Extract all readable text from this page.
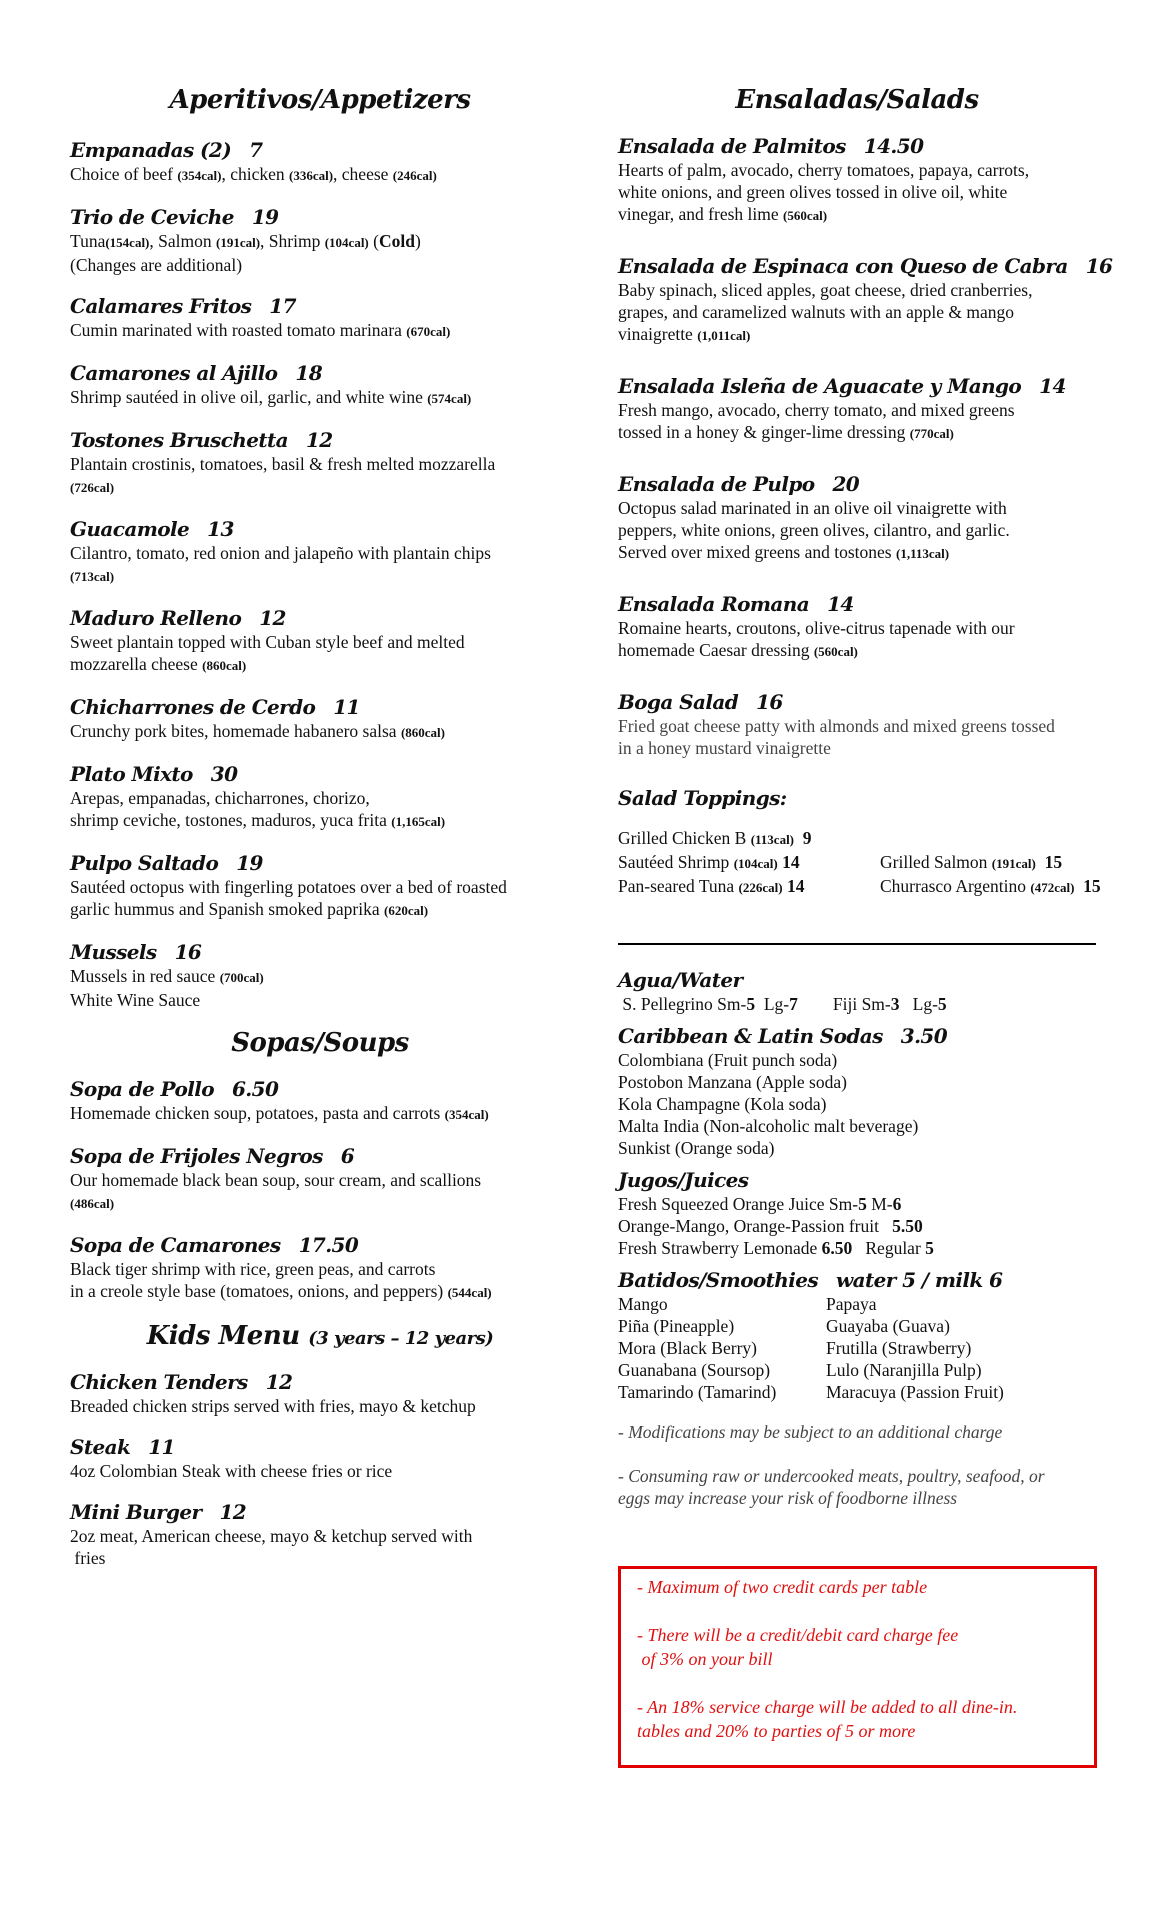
Aperitivos/Appetizers

Empanadas (2) 7

Choice of beef (354cal), chicken (336cal), cheese (246cal)

Trio de Ceviche 19

Tuna(154cal), Salmon (191cal), Shrimp (104cal) (Cold)

(Changes are additional)

Calamares Fritos 17

Cumin marinated with roasted tomato marinara (670cal)

Camarones al Ajillo 18

Shrimp sautéed in olive oil, garlic, and white wine (574cal)

Tostones Bruschetta 12

Plantain crostinis, tomatoes, basil & fresh melted mozzarella

(726cal)

Guacamole 13

Cilantro, tomato, red onion and jalapeño with plantain chips

(713cal)

Maduro Relleno 12

Sweet plantain topped with Cuban style beef and melted

mozzarella cheese (860cal)

Chicharrones de Cerdo 11

Crunchy pork bites, homemade habanero salsa (860cal)

Plato Mixto 30

Arepas, empanadas, chicharrones, chorizo,

shrimp ceviche, tostones, maduros, yuca frita (1,165cal)

Pulpo Saltado 19

Sautéed octopus with fingerling potatoes over a bed of roasted

garlic hummus and Spanish smoked paprika (620cal)

Mussels 16

Mussels in red sauce (700cal)

White Wine Sauce

Sopas/Soups

Sopa de Pollo 6.50

Homemade chicken soup, potatoes, pasta and carrots (354cal)

Sopa de Frijoles Negros 6

Our homemade black bean soup, sour cream, and scallions

(486cal)

Sopa de Camarones 17.50

Black tiger shrimp with rice, green peas, and carrots

in a creole style base (tomatoes, onions, and peppers) (544cal)

Kids Menu (3 years – 12 years)

Chicken Tenders 12

Breaded chicken strips served with fries, mayo & ketchup

Steak 11

4oz Colombian Steak with cheese fries or rice

Mini Burger 12

2oz meat, American cheese, mayo & ketchup served with

fries

Ensaladas/Salads

Ensalada de Palmitos 14.50

Hearts of palm, avocado, cherry tomatoes, papaya, carrots,

white onions, and green olives tossed in olive oil, white

vinegar, and fresh lime (560cal)

Ensalada de Espinaca con Queso de Cabra 16

Baby spinach, sliced apples, goat cheese, dried cranberries,

grapes, and caramelized walnuts with an apple & mango

vinaigrette (1,011cal)

Ensalada Isleña de Aguacate y Mango 14

Fresh mango, avocado, cherry tomato, and mixed greens

tossed in a honey & ginger-lime dressing (770cal)

Ensalada de Pulpo 20

Octopus salad marinated in an olive oil vinaigrette with

peppers, white onions, green olives, cilantro, and garlic.

Served over mixed greens and tostones (1,113cal)

Ensalada Romana 14

Romaine hearts, croutons, olive-citrus tapenade with our

homemade Caesar dressing (560cal)

Boga Salad 16

Fried goat cheese patty with almonds and mixed greens tossed

in a honey mustard vinaigrette

Salad Toppings:

Grilled Chicken B (113cal)  9
Sautéed Shrimp (104cal) 14	Grilled Salmon (191cal)  15
Pan-seared Tuna (226cal) 14	Churrasco Argentino (472cal)  15

Agua/Water

S. Pellegrino Sm-5  Lg-7        Fiji Sm-3   Lg-5

Caribbean & Latin Sodas 3.50

Colombiana (Fruit punch soda)

Postobon Manzana (Apple soda)

Kola Champagne (Kola soda)

Malta India (Non-alcoholic malt beverage)

Sunkist (Orange soda)

Jugos/Juices

Fresh Squeezed Orange Juice Sm-5 M-6

Orange-Mango, Orange-Passion fruit   5.50

Fresh Strawberry Lemonade 6.50   Regular 5

Batidos/Smoothies water 5 / milk 6

Mango	Papaya
Piña (Pineapple)	Guayaba (Guava)
Mora (Black Berry)	Frutilla (Strawberry)
Guanabana (Soursop)	Lulo (Naranjilla Pulp)
Tamarindo (Tamarind)	Maracuya (Passion Fruit)

- Modifications may be subject to an additional charge

- Consuming raw or undercooked meats, poultry, seafood, or

eggs may increase your risk of foodborne illness

- Maximum of two credit cards per table

- There will be a credit/debit card charge fee

of 3% on your bill

- An 18% service charge will be added to all dine-in.

tables and 20% to parties of 5 or more
